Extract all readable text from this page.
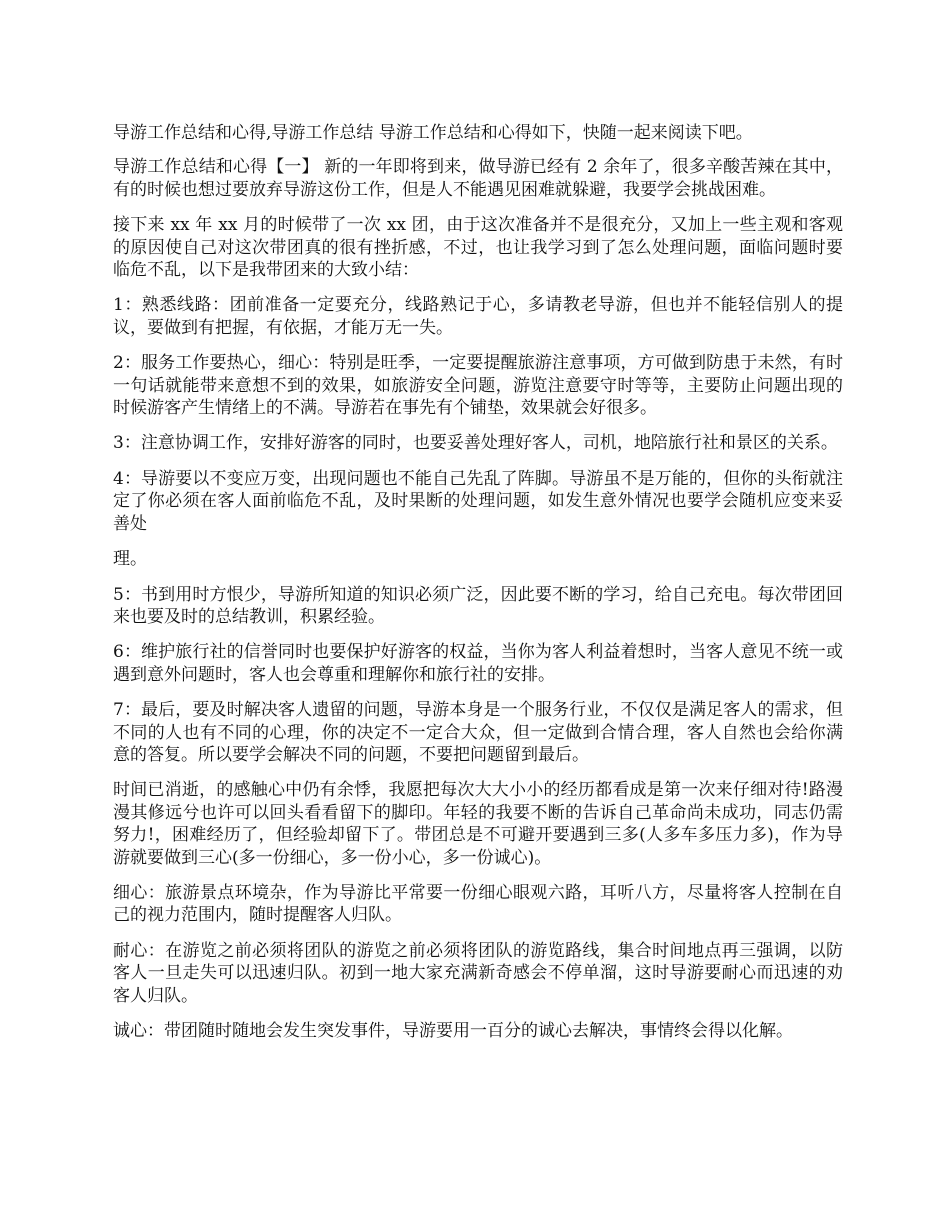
导游工作总结和心得,导游工作总结 导游工作总结和心得如下，快随一起来阅读下吧。

导游工作总结和心得【一】 新的一年即将到来，做导游已经有 2 余年了，很多辛酸苦辣在其中，有的时候也想过要放弃导游这份工作，但是人不能遇见困难就躲避，我要学会挑战困难。

接下来 xx 年 xx 月的时候带了一次 xx 团，由于这次准备并不是很充分，又加上一些主观和客观的原因使自己对这次带团真的很有挫折感，不过，也让我学习到了怎么处理问题，面临问题时要临危不乱，以下是我带团来的大致小结：

1：熟悉线路：团前准备一定要充分，线路熟记于心，多请教老导游，但也并不能轻信别人的提议，要做到有把握，有依据，才能万无一失。

2：服务工作要热心，细心：特别是旺季，一定要提醒旅游注意事项，方可做到防患于未然，有时一句话就能带来意想不到的效果，如旅游安全问题，游览注意要守时等等，主要防止问题出现的时候游客产生情绪上的不满。导游若在事先有个铺垫，效果就会好很多。

3：注意协调工作，安排好游客的同时，也要妥善处理好客人，司机，地陪旅行社和景区的关系。

4：导游要以不变应万变，出现问题也不能自己先乱了阵脚。导游虽不是万能的，但你的头衔就注定了你必须在客人面前临危不乱，及时果断的处理问题，如发生意外情况也要学会随机应变来妥善处

理。

5：书到用时方恨少，导游所知道的知识必须广泛，因此要不断的学习，给自己充电。每次带团回来也要及时的总结教训，积累经验。

6：维护旅行社的信誉同时也要保护好游客的权益，当你为客人利益着想时，当客人意见不统一或遇到意外问题时，客人也会尊重和理解你和旅行社的安排。

7：最后，要及时解决客人遗留的问题，导游本身是一个服务行业，不仅仅是满足客人的需求，但不同的人也有不同的心理，你的决定不一定合大众，但一定做到合情合理，客人自然也会给你满意的答复。所以要学会解决不同的问题，不要把问题留到最后。

时间已消逝，的感触心中仍有余悸，我愿把每次大大小小的经历都看成是第一次来仔细对待!路漫漫其修远兮也许可以回头看看留下的脚印。年轻的我要不断的告诉自己革命尚未成功，同志仍需努力!，困难经历了，但经验却留下了。带团总是不可避开要遇到三多(人多车多压力多)，作为导游就要做到三心(多一份细心，多一份小心，多一份诚心)。

细心：旅游景点环境杂，作为导游比平常要一份细心眼观六路，耳听八方，尽量将客人控制在自己的视力范围内，随时提醒客人归队。

耐心：在游览之前必须将团队的游览之前必须将团队的游览路线，集合时间地点再三强调，以防客人一旦走失可以迅速归队。初到一地大家充满新奇感会不停单溜，这时导游要耐心而迅速的劝客人归队。

诚心：带团随时随地会发生突发事件，导游要用一百分的诚心去解决，事情终会得以化解。
